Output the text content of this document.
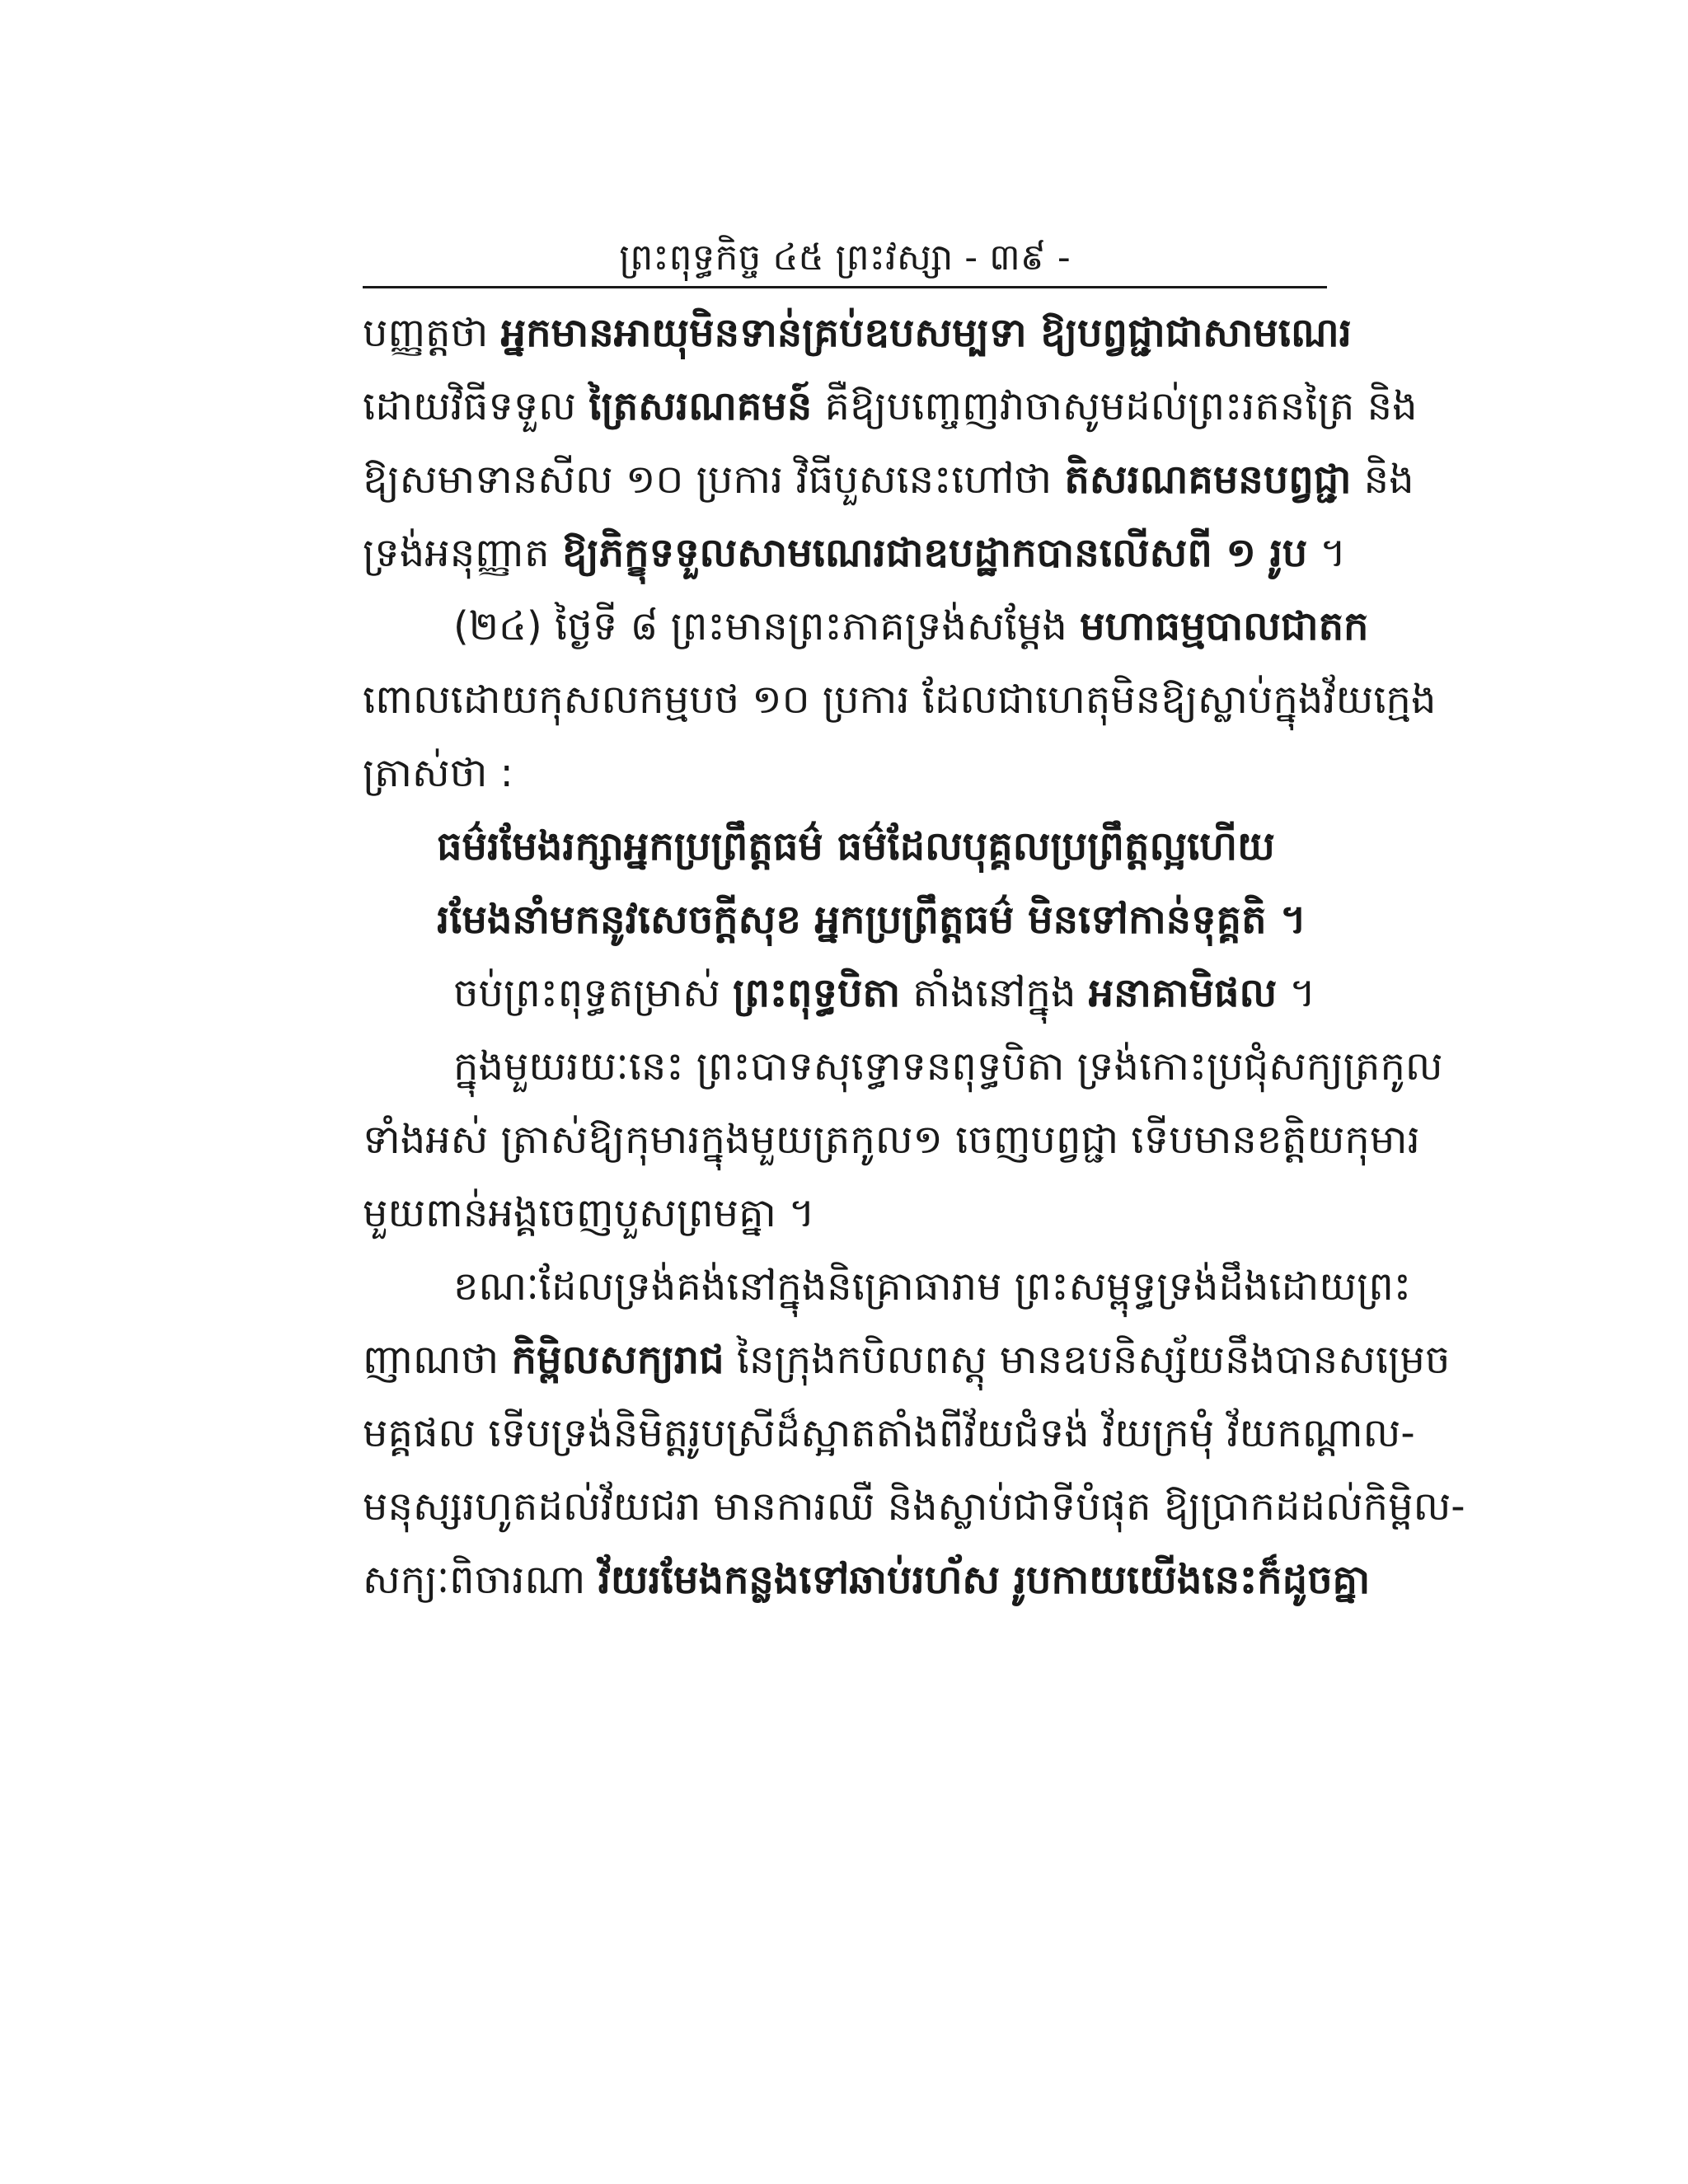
ព្រះពុទ្ធកិច្ច ៤៥ ព្រះវស្សា ‐ ៣៩ ‐
បញ្ញត្តថា អ្នកមានអាយុមិនទាន់គ្រប់ឧបសម្បទា ឱ្យបព្វជ្ជាជាសាមណេរ
ដោយវិធីទទួល ត្រៃសរណគមន៍ គឺឱ្យបញ្ចេញវាចាសូមដល់ព្រះរតនត្រៃ និង
ឱ្យសមាទានសីល ១០ ប្រការ វិធីបួសនេះហៅថា តិសរណគមនបព្វជ្ជា និង
ទ្រង់អនុញ្ញាត ឱ្យភិក្ខុទទួលសាមណេរជាឧបដ្ឋាកបានលើសពី ១ រូប ។
(២៤) ថ្ងៃទី ៨ ព្រះមានព្រះភាគទ្រង់សម្តែង មហាធម្មបាលជាតក
ពោលដោយកុសលកម្មបថ ១០ ប្រការ ដែលជាហេតុមិនឱ្យស្លាប់ក្នុងវ័យក្មេង
ត្រាស់ថា :
ធម៌រមែងរក្សាអ្នកប្រព្រឹត្តធម៌ ធម៌ដែលបុគ្គលប្រព្រឹត្តល្អហើយ
រមែងនាំមកនូវសេចក្តីសុខ អ្នកប្រព្រឹត្តធម៌ មិនទៅកាន់ទុគ្គតិ ។
ចប់ព្រះពុទ្ធតម្រាស់ ព្រះពុទ្ធបិតា តាំងនៅក្នុង អនាគាមិផល ។
ក្នុងមួយរយៈនេះ ព្រះបាទសុទ្ធោទនពុទ្ធបិតា ទ្រង់កោះប្រជុំសក្យត្រកូល
ទាំងអស់ ត្រាស់ឱ្យកុមារក្នុងមួយត្រកូល១ ចេញបព្វជ្ជា ទើបមានខត្តិយកុមារ
មួយពាន់អង្គចេញបួសព្រមគ្នា ។
ខណៈដែលទ្រង់គង់នៅក្នុងនិគ្រោធារាម ព្រះសម្ពុទ្ធទ្រង់ដឹងដោយព្រះ
ញាណថា កិម្ពិលសក្យរាជ នៃក្រុងកបិលពស្តុ មានឧបនិស្ស័យនឹងបានសម្រេច
មគ្គផល ទើបទ្រង់និមិត្តរូបស្រីដ៏ស្អាតតាំងពីវ័យជំទង់ វ័យក្រមុំ វ័យកណ្តាល‐
មនុស្សរហូតដល់វ័យជរា មានការឈឺ និងស្លាប់ជាទីបំផុត ឱ្យប្រាកដដល់កិម្ពិល‐
សក្យៈពិចារណា វ័យរមែងកន្លងទៅឆាប់រហ័ស រូបកាយយើងនេះក៏ដូចគ្នា
